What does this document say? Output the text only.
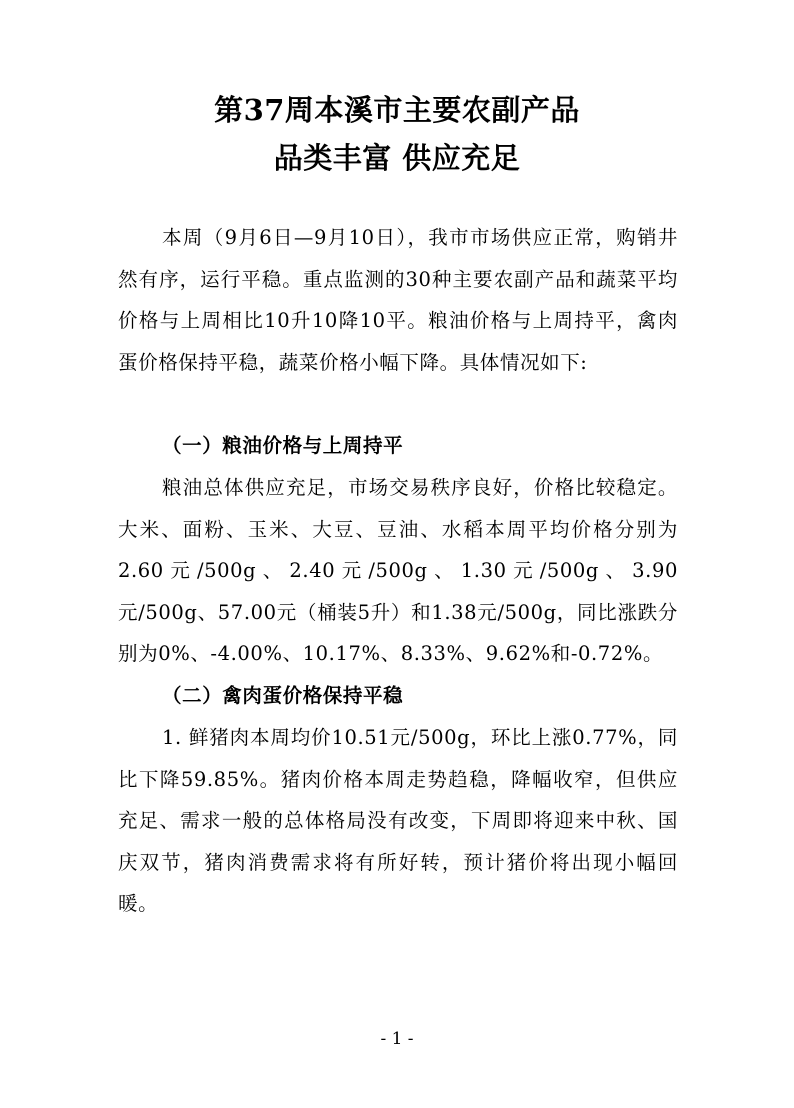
第37周本溪市主要农副产品
品类丰富 供应充足
本周（9月6日—9月10日），我市市场供应正常，购销井然有序，运行平稳。重点监测的30种主要农副产品和蔬菜平均价格与上周相比10升10降10平。粮油价格与上周持平，禽肉蛋价格保持平稳，蔬菜价格小幅下降。具体情况如下:
（一）粮油价格与上周持平
粮油总体供应充足，市场交易秩序良好，价格比较稳定。大米、面粉、玉米、大豆、豆油、水稻本周平均价格分别为2.60元/500g、2.40元/500g、1.30元/500g、3.90元/500g、57.00元（桶装5升）和1.38元/500g，同比涨跌分别为0%、-4.00%、10.17%、8.33%、9.62%和-0.72%。
（二）禽肉蛋价格保持平稳
1. 鲜猪肉本周均价10.51元/500g，环比上涨0.77%，同比下降59.85%。猪肉价格本周走势趋稳，降幅收窄，但供应充足、需求一般的总体格局没有改变，下周即将迎来中秋、国庆双节，猪肉消费需求将有所好转，预计猪价将出现小幅回暖。
- 1 -
